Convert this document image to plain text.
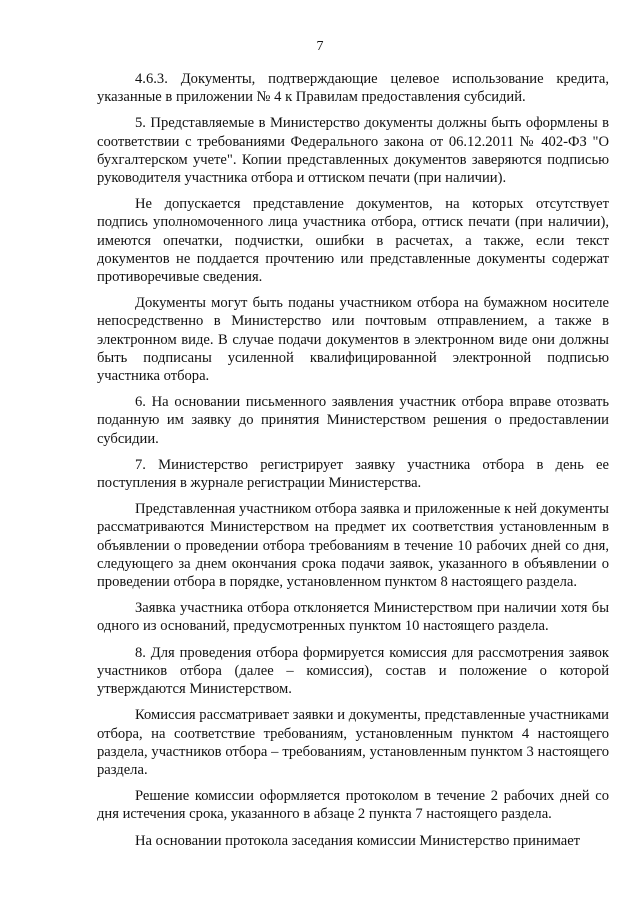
7

4.6.3. Документы, подтверждающие целевое использование кредита, указанные в приложении № 4 к Правилам предоставления субсидий.

5. Представляемые в Министерство документы должны быть оформлены в соответствии с требованиями Федерального закона от 06.12.2011 № 402-ФЗ "О бухгалтерском учете". Копии представленных документов заверяются подписью руководителя участника отбора и оттиском печати (при наличии).

Не допускается представление документов, на которых отсутствует подпись уполномоченного лица участника отбора, оттиск печати (при наличии), имеются опечатки, подчистки, ошибки в расчетах, а также, если текст документов не поддается прочтению или представленные документы содержат противоречивые сведения.

Документы могут быть поданы участником отбора на бумажном носителе непосредственно в Министерство или почтовым отправлением, а также в электронном виде. В случае подачи документов в электронном виде они должны быть подписаны усиленной квалифицированной электронной подписью участника отбора.

6. На основании письменного заявления участник отбора вправе отозвать поданную им заявку до принятия Министерством решения о предоставлении субсидии.

7. Министерство регистрирует заявку участника отбора в день ее поступления в журнале регистрации Министерства.

Представленная участником отбора заявка и приложенные к ней документы рассматриваются Министерством на предмет их соответствия установленным в объявлении о проведении отбора требованиям в течение 10 рабочих дней со дня, следующего за днем окончания срока подачи заявок, указанного в объявлении о проведении отбора в порядке, установленном пунктом 8 настоящего раздела.

Заявка участника отбора отклоняется Министерством при наличии хотя бы одного из оснований, предусмотренных пунктом 10 настоящего раздела.

8. Для проведения отбора формируется комиссия для рассмотрения заявок участников отбора (далее – комиссия), состав и положение о которой утверждаются Министерством.

Комиссия рассматривает заявки и документы, представленные участниками отбора, на соответствие требованиям, установленным пунктом 4 настоящего раздела, участников отбора – требованиям, установленным пунктом 3 настоящего раздела.

Решение комиссии оформляется протоколом в течение 2 рабочих дней со дня истечения срока, указанного в абзаце 2 пункта 7 настоящего раздела.

На основании протокола заседания комиссии Министерство принимает
